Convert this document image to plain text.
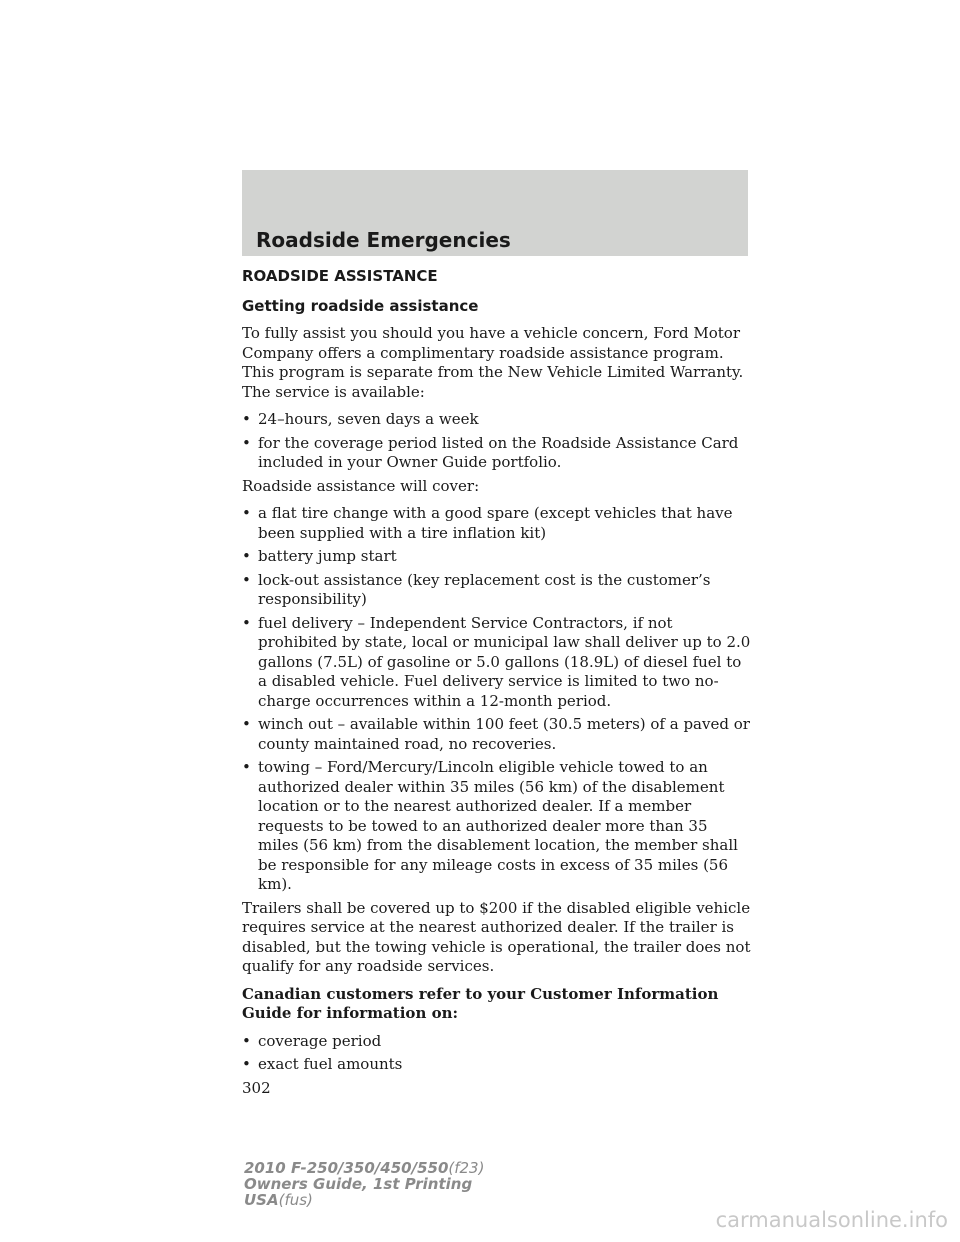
Roadside Emergencies
ROADSIDE ASSISTANCE
Getting roadside assistance

To fully assist you should you have a vehicle concern, Ford Motor Company offers a complimentary roadside assistance program. This program is separate from the New Vehicle Limited Warranty. The service is available:

• 24–hours, seven days a week
• for the coverage period listed on the Roadside Assistance Card included in your Owner Guide portfolio.

Roadside assistance will cover:

• a flat tire change with a good spare (except vehicles that have been supplied with a tire inflation kit)
• battery jump start
• lock-out assistance (key replacement cost is the customer’s responsibility)
• fuel delivery – Independent Service Contractors, if not prohibited by state, local or municipal law shall deliver up to 2.0 gallons (7.5L) of gasoline or 5.0 gallons (18.9L) of diesel fuel to a disabled vehicle. Fuel delivery service is limited to two no-charge occurrences within a 12-month period.
• winch out – available within 100 feet (30.5 meters) of a paved or county maintained road, no recoveries.
• towing – Ford/Mercury/Lincoln eligible vehicle towed to an authorized dealer within 35 miles (56 km) of the disablement location or to the nearest authorized dealer. If a member requests to be towed to an authorized dealer more than 35 miles (56 km) from the disablement location, the member shall be responsible for any mileage costs in excess of 35 miles (56 km).

Trailers shall be covered up to $200 if the disabled eligible vehicle requires service at the nearest authorized dealer. If the trailer is disabled, but the towing vehicle is operational, the trailer does not qualify for any roadside services.

Canadian customers refer to your Customer Information Guide for information on:
• coverage period
• exact fuel amounts
302
2010 F-250/350/450/550(f23)
Owners Guide, 1st Printing
USA(fus)
carmanualsonline.info
